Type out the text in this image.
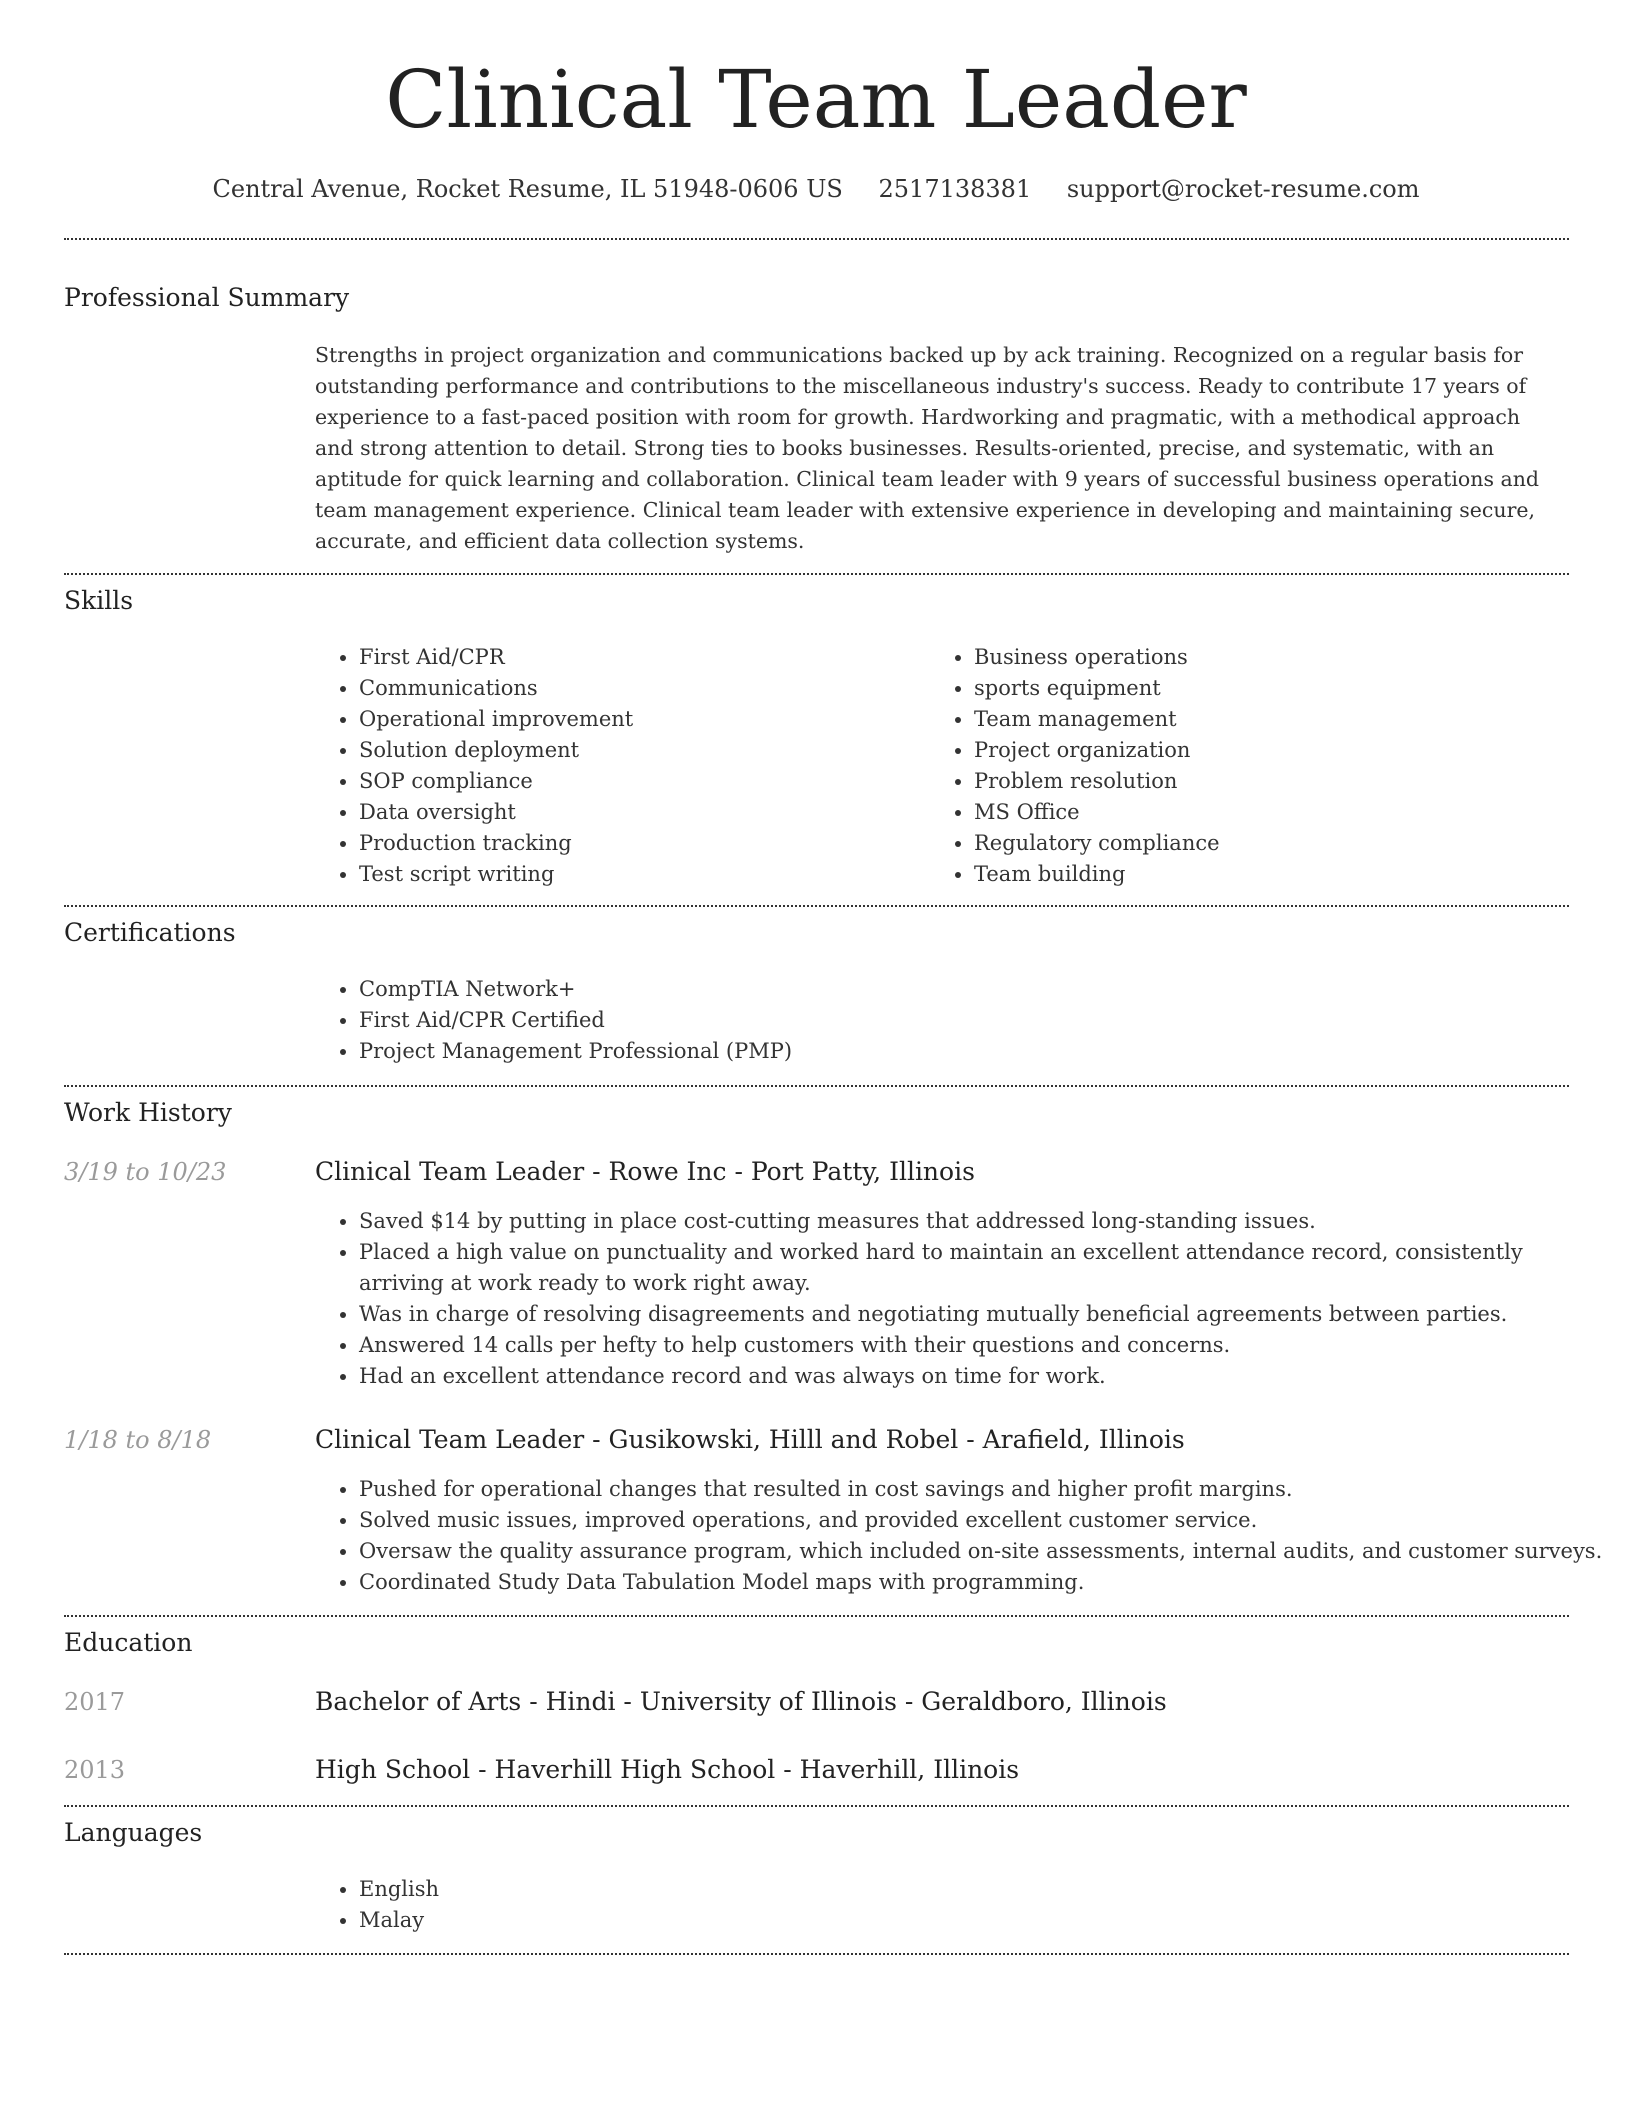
Clinical Team Leader
Central Avenue, Rocket Resume, IL 51948-0606 US 2517138381 support@rocket-resume.com
Professional Summary

Strengths in project organization and communications backed up by ack training. Recognized on a regular basis for outstanding performance and contributions to the miscellaneous industry's success. Ready to contribute 17 years of experience to a fast-paced position with room for growth. Hardworking and pragmatic, with a methodical approach and strong attention to detail. Strong ties to books businesses. Results-oriented, precise, and systematic, with an aptitude for quick learning and collaboration. Clinical team leader with 9 years of successful business operations and team management experience. Clinical team leader with extensive experience in developing and maintaining secure, accurate, and efficient data collection systems.

Skills
• First Aid/CPR
• Communications
• Operational improvement
• Solution deployment
• SOP compliance
• Data oversight
• Production tracking
• Test script writing
• Business operations
• sports equipment
• Team management
• Project organization
• Problem resolution
• MS Office
• Regulatory compliance
• Team building
Certifications
• CompTIA Network+
• First Aid/CPR Certified
• Project Management Professional (PMP)
Work History
3/19 to 10/23	Clinical Team Leader - Rowe Inc - Port Patty, Illinois
• Saved $14 by putting in place cost-cutting measures that addressed long-standing issues.
• Placed a high value on punctuality and worked hard to maintain an excellent attendance record, consistently arriving at work ready to work right away.
• Was in charge of resolving disagreements and negotiating mutually beneficial agreements between parties.
• Answered 14 calls per hefty to help customers with their questions and concerns.
• Had an excellent attendance record and was always on time for work.
1/18 to 8/18	Clinical Team Leader - Gusikowski, Hilll and Robel - Arafield, Illinois
• Pushed for operational changes that resulted in cost savings and higher profit margins.
• Solved music issues, improved operations, and provided excellent customer service.
• Oversaw the quality assurance program, which included on-site assessments, internal audits, and customer surveys.
• Coordinated Study Data Tabulation Model maps with programming.
Education
2017	Bachelor of Arts - Hindi - University of Illinois - Geraldboro, Illinois
2013	High School - Haverhill High School - Haverhill, Illinois
Languages
• English
• Malay
